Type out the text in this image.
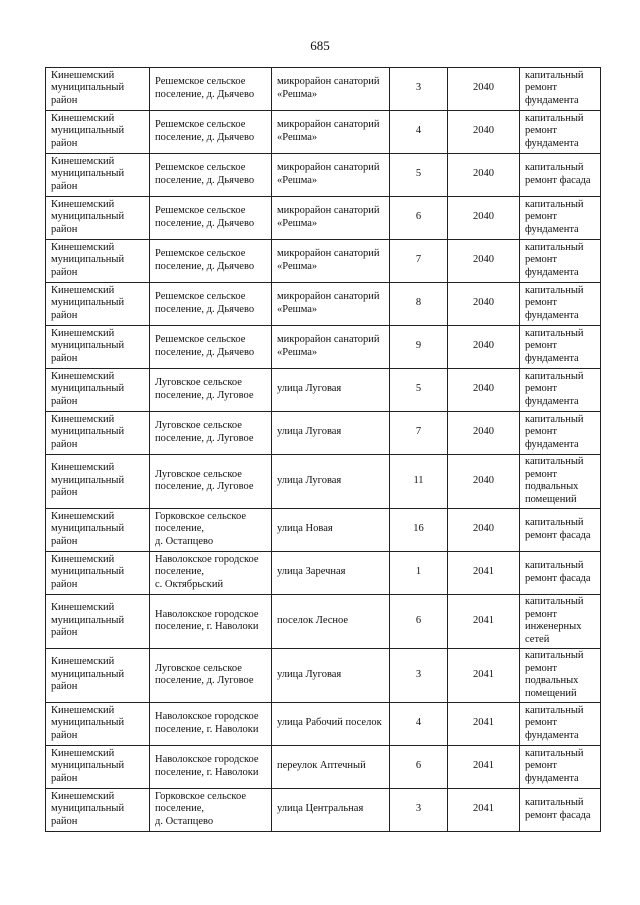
685
Кинешемский муниципальный район	Решемское сельское поселение, д. Дьячево	микрорайон санаторий «Решма»	3	2040	капитальный ремонт фундамента

Кинешемский муниципальный район	Решемское сельское поселение, д. Дьячево	микрорайон санаторий «Решма»	4	2040	капитальный ремонт фундамента

Кинешемский муниципальный район	Решемское сельское поселение, д. Дьячево	микрорайон санаторий «Решма»	5	2040	капитальный ремонт фасада

Кинешемский муниципальный район	Решемское сельское поселение, д. Дьячево	микрорайон санаторий «Решма»	6	2040	капитальный ремонт фундамента

Кинешемский муниципальный район	Решемское сельское поселение, д. Дьячево	микрорайон санаторий «Решма»	7	2040	капитальный ремонт фундамента

Кинешемский муниципальный район	Решемское сельское поселение, д. Дьячево	микрорайон санаторий «Решма»	8	2040	капитальный ремонт фундамента

Кинешемский муниципальный район	Решемское сельское поселение, д. Дьячево	микрорайон санаторий «Решма»	9	2040	капитальный ремонт фундамента

Кинешемский муниципальный район	Луговское сельское поселение, д. Луговое	улица Луговая	5	2040	капитальный ремонт фундамента

Кинешемский муниципальный район	Луговское сельское поселение, д. Луговое	улица Луговая	7	2040	капитальный ремонт фундамента

Кинешемский муниципальный район	Луговское сельское поселение, д. Луговое	улица Луговая	11	2040	капитальный ремонт подвальных помещений

Кинешемский муниципальный район	Горковское сельское поселение,
д. Остапцево	улица Новая	16	2040	капитальный ремонт фасада

Кинешемский муниципальный район	Наволокское городское поселение,
с. Октябрьский	улица Заречная	1	2041	капитальный ремонт фасада

Кинешемский муниципальный район	Наволокское городское поселение, г. Наволоки	поселок Лесное	6	2041	капитальный ремонт инженерных сетей

Кинешемский муниципальный район	Луговское сельское поселение, д. Луговое	улица Луговая	3	2041	капитальный ремонт подвальных помещений

Кинешемский муниципальный район	Наволокское городское поселение, г. Наволоки	улица Рабочий поселок	4	2041	капитальный ремонт фундамента

Кинешемский муниципальный район	Наволокское городское поселение, г. Наволоки	переулок Аптечный	6	2041	капитальный ремонт фундамента

Кинешемский муниципальный район	Горковское сельское поселение,
д. Остапцево	улица Центральная	3	2041	капитальный ремонт фасада
